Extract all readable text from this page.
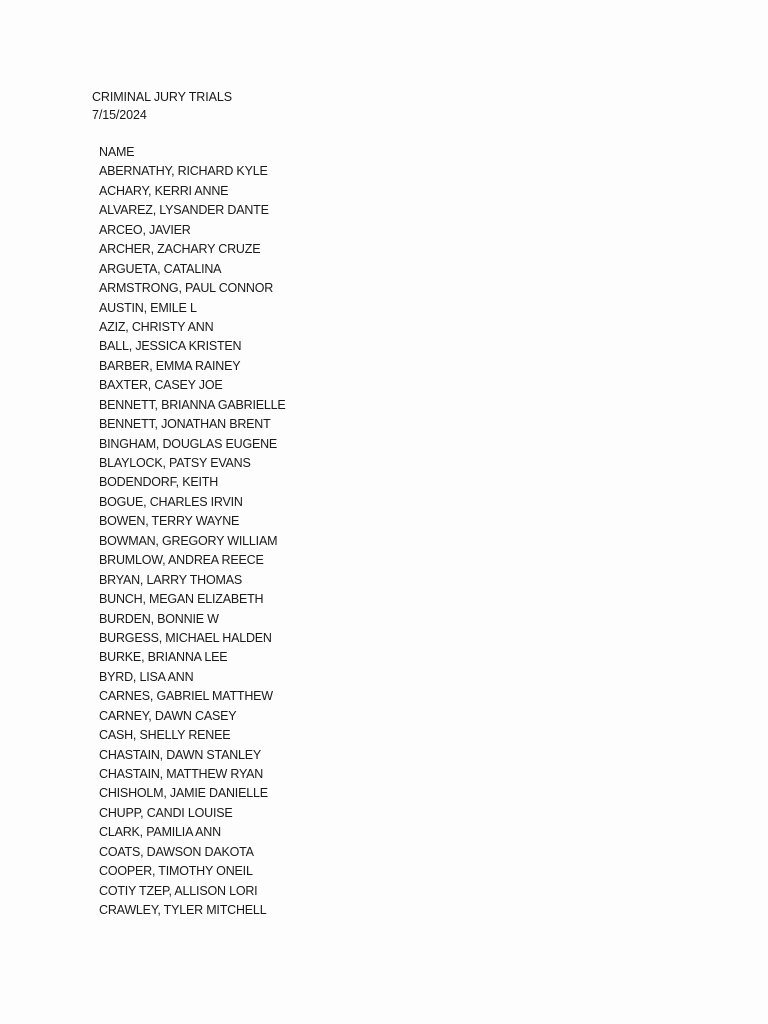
CRIMINAL JURY TRIALS
7/15/2024
NAME
ABERNATHY, RICHARD KYLE
ACHARY, KERRI ANNE
ALVAREZ, LYSANDER DANTE
ARCEO, JAVIER
ARCHER, ZACHARY CRUZE
ARGUETA, CATALINA
ARMSTRONG, PAUL CONNOR
AUSTIN, EMILE L
AZIZ, CHRISTY ANN
BALL, JESSICA KRISTEN
BARBER, EMMA RAINEY
BAXTER, CASEY JOE
BENNETT, BRIANNA GABRIELLE
BENNETT, JONATHAN BRENT
BINGHAM, DOUGLAS EUGENE
BLAYLOCK, PATSY EVANS
BODENDORF, KEITH
BOGUE, CHARLES IRVIN
BOWEN, TERRY WAYNE
BOWMAN, GREGORY WILLIAM
BRUMLOW, ANDREA REECE
BRYAN, LARRY THOMAS
BUNCH, MEGAN ELIZABETH
BURDEN, BONNIE W
BURGESS, MICHAEL HALDEN
BURKE, BRIANNA LEE
BYRD, LISA ANN
CARNES, GABRIEL MATTHEW
CARNEY, DAWN CASEY
CASH, SHELLY RENEE
CHASTAIN, DAWN STANLEY
CHASTAIN, MATTHEW RYAN
CHISHOLM, JAMIE DANIELLE
CHUPP, CANDI LOUISE
CLARK, PAMILIA ANN
COATS, DAWSON DAKOTA
COOPER, TIMOTHY ONEIL
COTIY TZEP, ALLISON LORI
CRAWLEY, TYLER MITCHELL
